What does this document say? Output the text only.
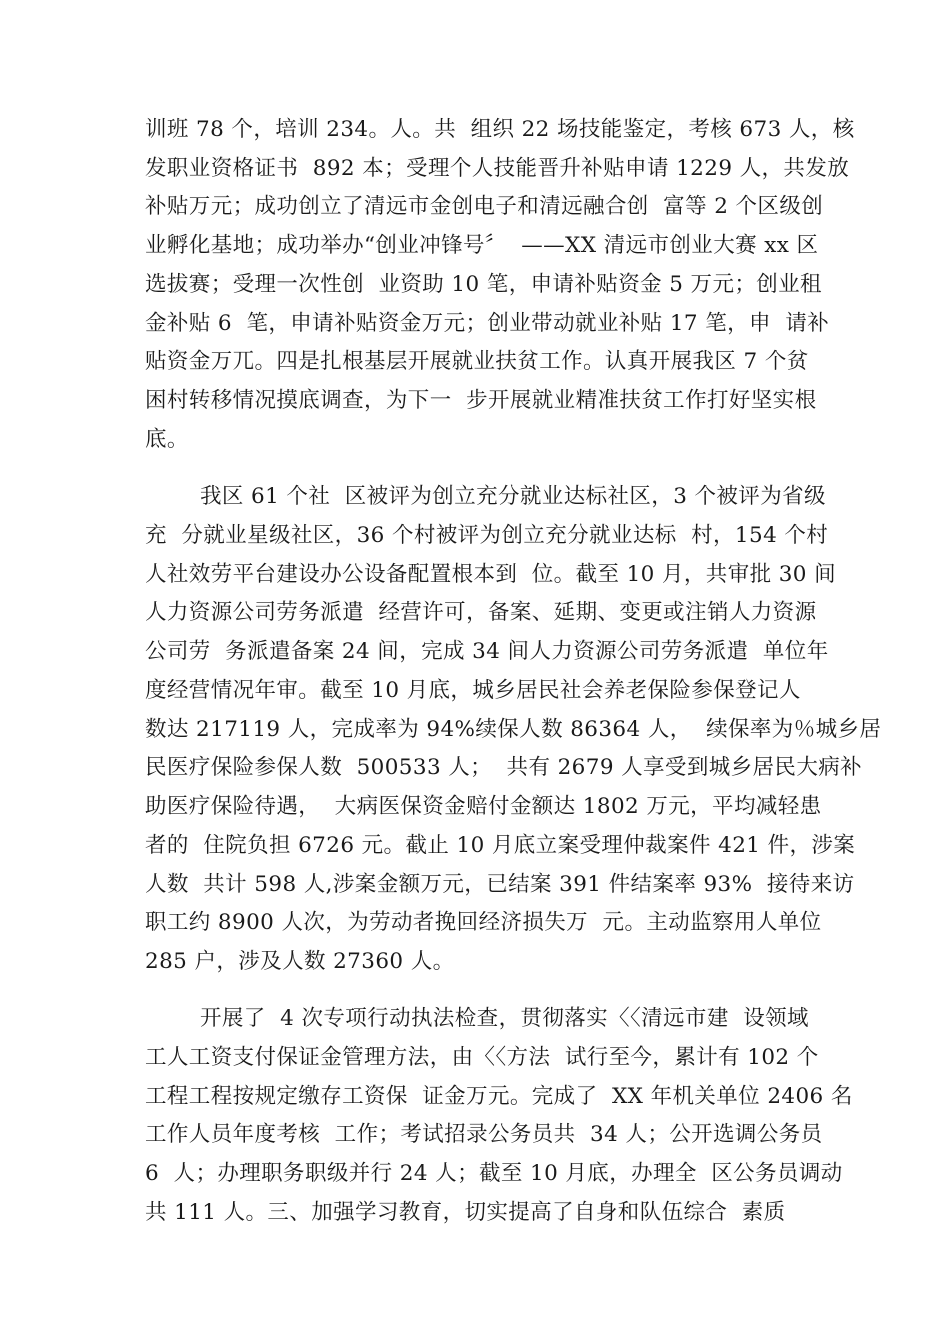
训班 78 个，培训 234。人。共  组织 22 场技能鉴定，考核 673 人，核
发职业资格证书  892 本；受理个人技能晋升补贴申请 1229 人，共发放
补贴万元；成功创立了清远市金创电子和清远融合创  富等 2 个区级创
业孵化基地；成功举办“创业冲锋号〞  ——XX 清远市创业大赛 xx 区
选拔赛；受理一次性创  业资助 10 笔，申请补贴资金 5 万元；创业租
金补贴 6  笔，申请补贴资金万元；创业带动就业补贴 17 笔，申  请补
贴资金万兀。四是扎根基层开展就业扶贫工作。认真开展我区 7 个贫
困村转移情况摸底调查，为下一  步开展就业精准扶贫工作打好坚实根
底。
我区 61 个社  区被评为创立充分就业达标社区，3 个被评为省级
充  分就业星级社区，36 个村被评为创立充分就业达标  村，154 个村
人社效劳平台建设办公设备配置根本到  位。截至 10 月，共审批 30 间
人力资源公司劳务派遣  经营许可，备案、延期、变更或注销人力资源
公司劳  务派遣备案 24 间，完成 34 间人力资源公司劳务派遣  单位年
度经营情况年审。截至 10 月底，城乡居民社会养老保险参保登记人
数达 217119 人，完成率为 94%续保人数 86364 人，  续保率为％城乡居
民医疗保险参保人数  500533 人；  共有 2679 人享受到城乡居民大病补
助医疗保险待遇，  大病医保资金赔付金额达 1802 万元，平均减轻患
者的  住院负担 6726 元。截止 10 月底立案受理仲裁案件 421 件，涉案
人数  共计 598 人,涉案金额万元，已结案 391 件结案率 93%  接待来访
职工约 8900 人次，为劳动者挽回经济损失万  元。主动监察用人单位
285 户，涉及人数 27360 人。
开展了  4 次专项行动执法检查，贯彻落实〈〈清远市建  设领域
工人工资支付保证金管理方法，由〈〈方法  试行至今，累计有 102 个
工程工程按规定缴存工资保  证金万元。完成了  XX 年机关单位 2406 名
工作人员年度考核  工作；考试招录公务员共  34 人；公开选调公务员
6  人；办理职务职级并行 24 人；截至 10 月底，办理全  区公务员调动
共 111 人。三、加强学习教育，切实提高了自身和队伍综合  素质
